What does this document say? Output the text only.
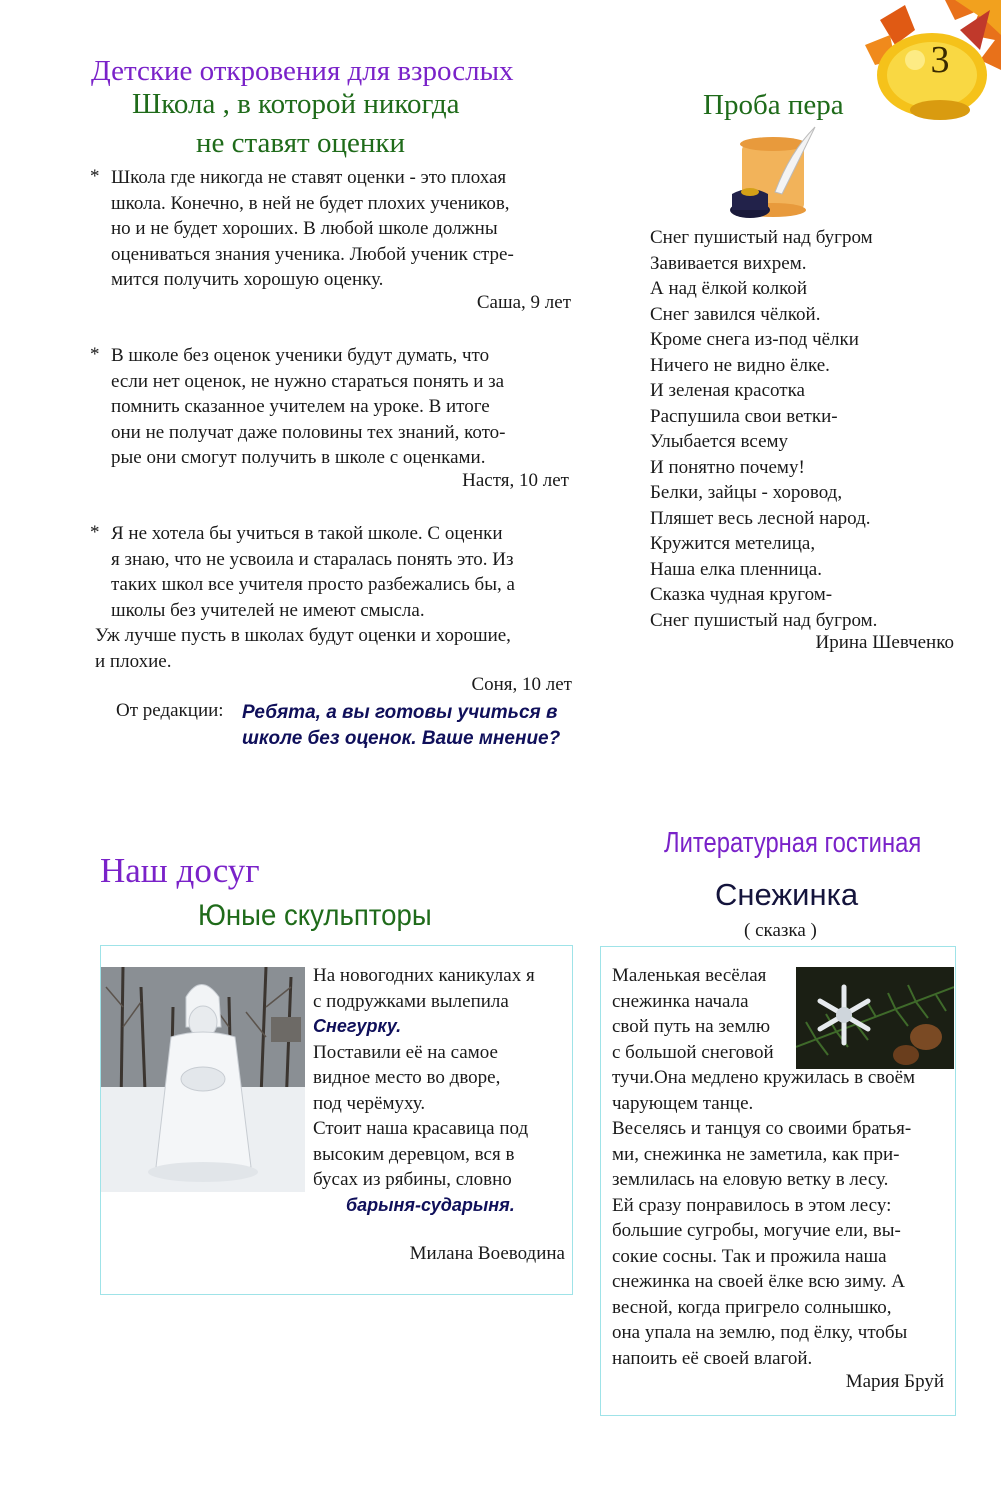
3
Детские откровения для взрослых
Школа , в которой никогда
не ставят оценки
* Школа где никогда не ставят оценки - это плохая
школа. Конечно, в ней не будет плохих учеников,
но и не будет хороших. В любой школе должны
оцениваться знания ученика. Любой ученик стре-
мится получить хорошую оценку.
Саша, 9 лет
* В школе без оценок ученики будут думать, что
если нет оценок, не нужно стараться понять и за
помнить сказанное учителем на уроке. В итоге
они не получат даже половины тех знаний, кото-
рые они смогут получить в школе с оценками.
Настя, 10 лет
* Я не хотела бы учиться в такой школе. С оценки
я знаю, что не усвоила и старалась понять это. Из
таких школ все учителя просто разбежались бы, а
школы без учителей не имеют смысла.
Уж лучше пусть в школах будут оценки и хорошие,
и плохие.
Соня, 10 лет
От редакции: Ребята, а вы готовы учиться в
школе без оценок. Ваше мнение?
Проба пера
Снег пушистый над бугром
Завивается вихрем.
А над ёлкой колкой
Снег завился чёлкой.
Кроме снега из-под чёлки
Ничего не видно ёлке.
И зеленая красотка
Распушила свои ветки-
Улыбается всему
И понятно почему!
Белки, зайцы - хоровод,
Пляшет весь лесной народ.
Кружится метелица,
Наша елка пленница.
Сказка чудная кругом-
Снег пушистый над бугром.
Ирина Шевченко
Наш досуг
Юные скульпторы
На новогодних каникулах я
с подружками вылепила
Снегурку.
Поставили её на самое
видное место во дворе,
под черёмуху.
Стоит наша красавица под
высоким деревцом, вся в
бусах из рябины, словно
барыня-сударыня.
Милана Воеводина
Литературная гостиная
Снежинка
( сказка )
Маленькая весёлая
снежинка начала
свой путь на землю
с большой снеговой
тучи.Она медлено кружилась в своём
чарующем танце.
Веселясь и танцуя со своими братья-
ми, снежинка не заметила, как при-
землилась на еловую ветку в лесу.
Ей сразу понравилось в этом лесу:
большие сугробы, могучие ели, вы-
сокие сосны. Так и прожила наша
снежинка на своей ёлке всю зиму. А
весной, когда пригрело солнышко,
она упала на землю, под ёлку, чтобы
напоить её своей влагой.
Мария Бруй
